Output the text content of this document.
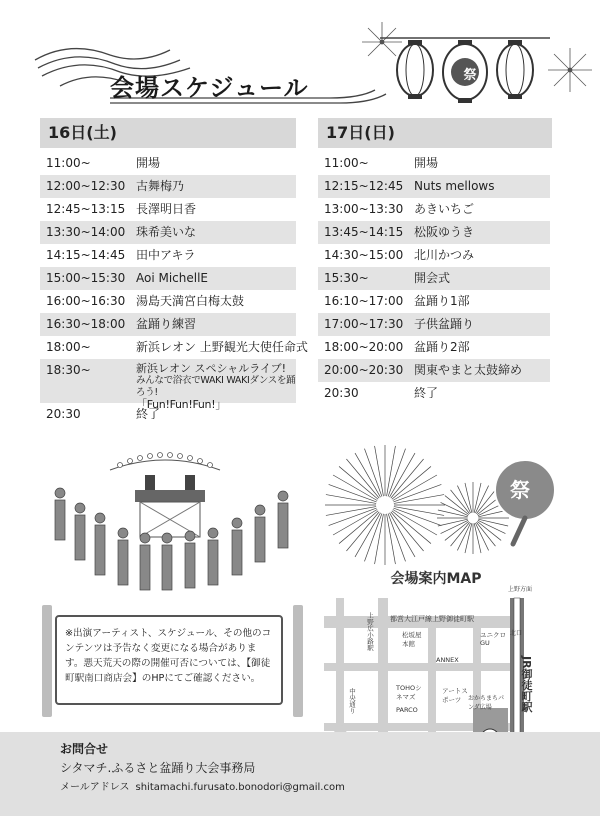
会場スケジュール	祭
16日(土)
11:00~	開場
12:00~12:30 古舞梅乃
12:45~13:15 長澤明日香
13:30~14:00 珠希美いな
14:15~14:45 田中アキラ
15:00~15:30 Aoi MichellE
16:00~16:30 湯島天満宮白梅太鼓
16:30~18:00 盆踊り練習
18:00~	新浜レオン 上野観光大使任命式
18:30~	新浜レオン スペシャルライブ!
みんなで浴衣でWAKI WAKIダンスを踊ろう!
「Fun!Fun!Fun!」
20:30	終了
17日(日)
11:00~	開場
12:15~12:45 Nuts mellows
13:00~13:30 あきいちご
13:45~14:15 松阪ゆうき
14:30~15:00 北川かつみ
15:30~	開会式
16:10~17:00 盆踊り1部
17:00~17:30 子供盆踊り
18:00~20:00 盆踊り2部
20:00~20:30 関東やまと太鼓締め
20:30	終了
※出演アーティスト、スケジュール、その他のコンテンツは予告なく変更になる場合があります。悪天荒天の際の開催可否については、【御徒町駅南口商店会】のHPにてご確認ください。
祭
会場案内MAP
上野広小路駅 都営大江戸線上野御徒町駅
JR御徒町駅
松坂屋本館
ユニクロGU
ANNEX
TOHOシネマズ
PARCO
アートスポーツ	おかちまちパンダ広場
上野方面
北口
中央通り
お問合せ
シタマチ.ふるさと盆踊り大会事務局
メールアドレス shitamachi.furusato.bonodori@gmail.com
